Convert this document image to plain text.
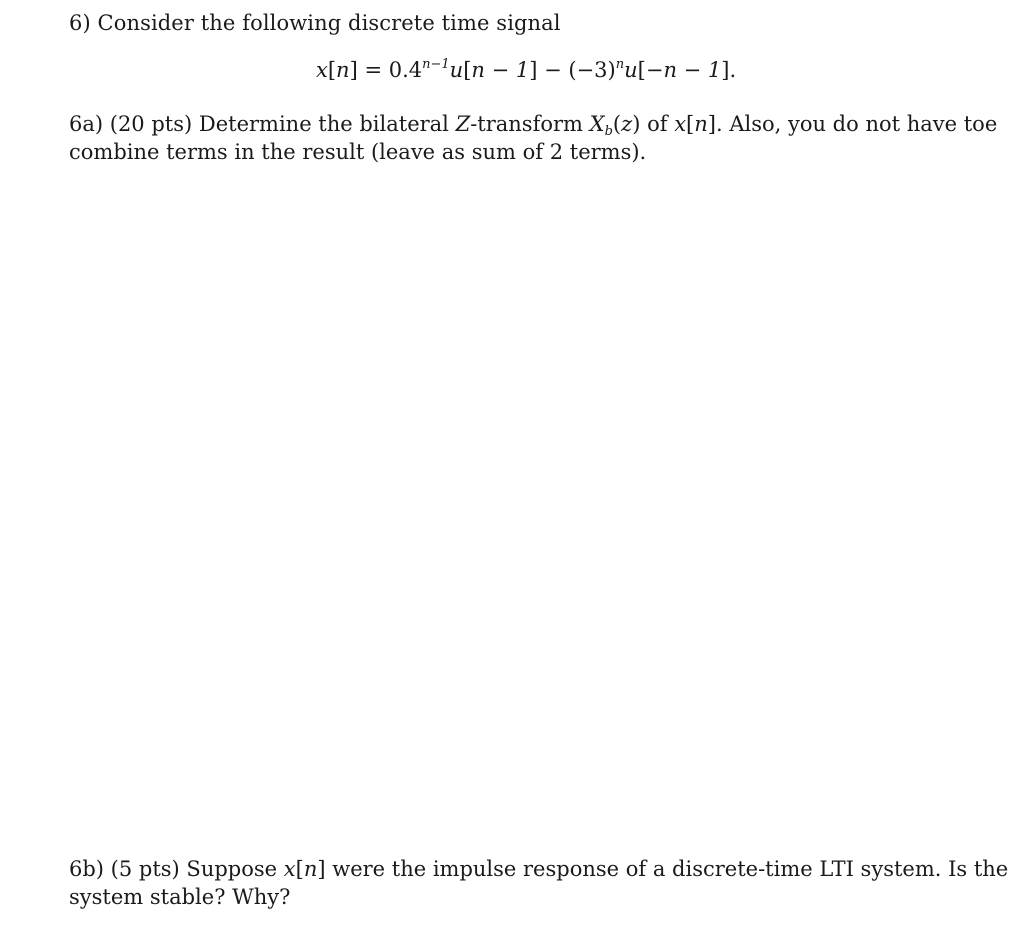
6) Consider the following discrete time signal
$x[n] = 0.4^{n-1}u[n - 1] - (-3)^nu[-n - 1]$.
6a) (20 pts) Determine the bilateral Z-transform $X_b(z)$ of x[n]. Also, you do not have toe
combine terms in the result (leave as sum of 2 terms).
6b) (5 pts) Suppose x[n] were the impulse response of a discrete-time LTI system. Is the
system stable? Why?
